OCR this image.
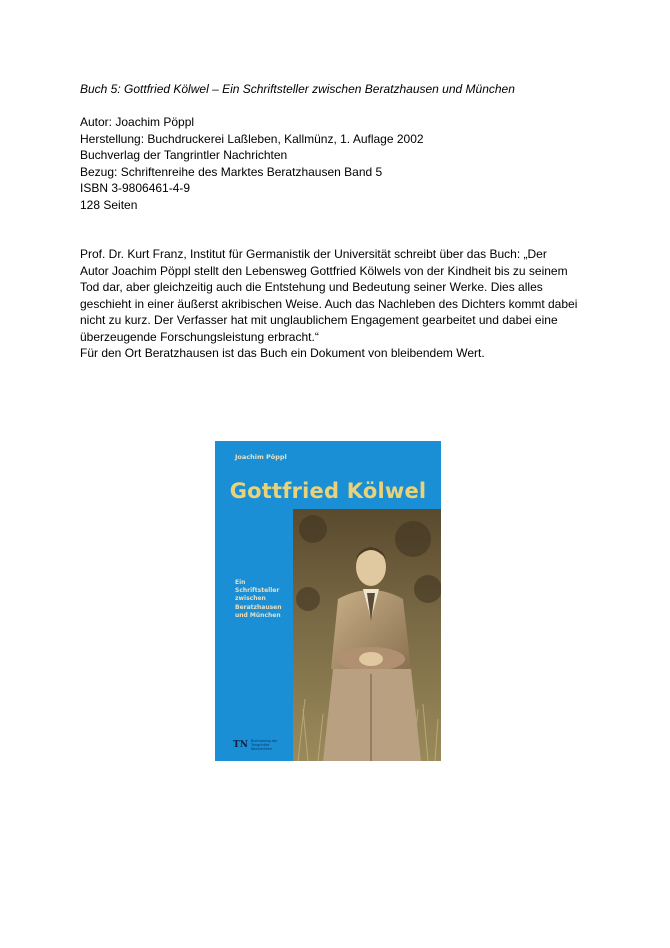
Buch 5: Gottfried Kölwel – Ein Schriftsteller zwischen Beratzhausen und München
Autor: Joachim Pöppl
Herstellung: Buchdruckerei Laßleben, Kallmünz, 1. Auflage 2002
Buchverlag der Tangrintler Nachrichten
Bezug: Schriftenreihe des Marktes Beratzhausen Band 5
ISBN 3-9806461-4-9
128 Seiten
Prof. Dr. Kurt Franz, Institut für Germanistik der Universität schreibt über das Buch: „Der
Autor Joachim Pöppl stellt den Lebensweg Gottfried Kölwels von der Kindheit bis zu seinem
Tod dar, aber gleichzeitig auch die Entstehung und Bedeutung seiner Werke. Dies alles
geschieht in einer äußerst akribischen Weise. Auch das Nachleben des Dichters kommt dabei
nicht zu kurz. Der Verfasser hat mit unglaublichem Engagement gearbeitet und dabei eine
überzeugende Forschungsleistung erbracht.“
Für den Ort Beratzhausen ist das Buch ein Dokument von bleibendem Wert.
Joachim Pöppl
Gottfried Kölwel
Ein
Schriftsteller
zwischen
Beratzhausen
und München
TN Buchverlag der Tangrintler Nachrichten
